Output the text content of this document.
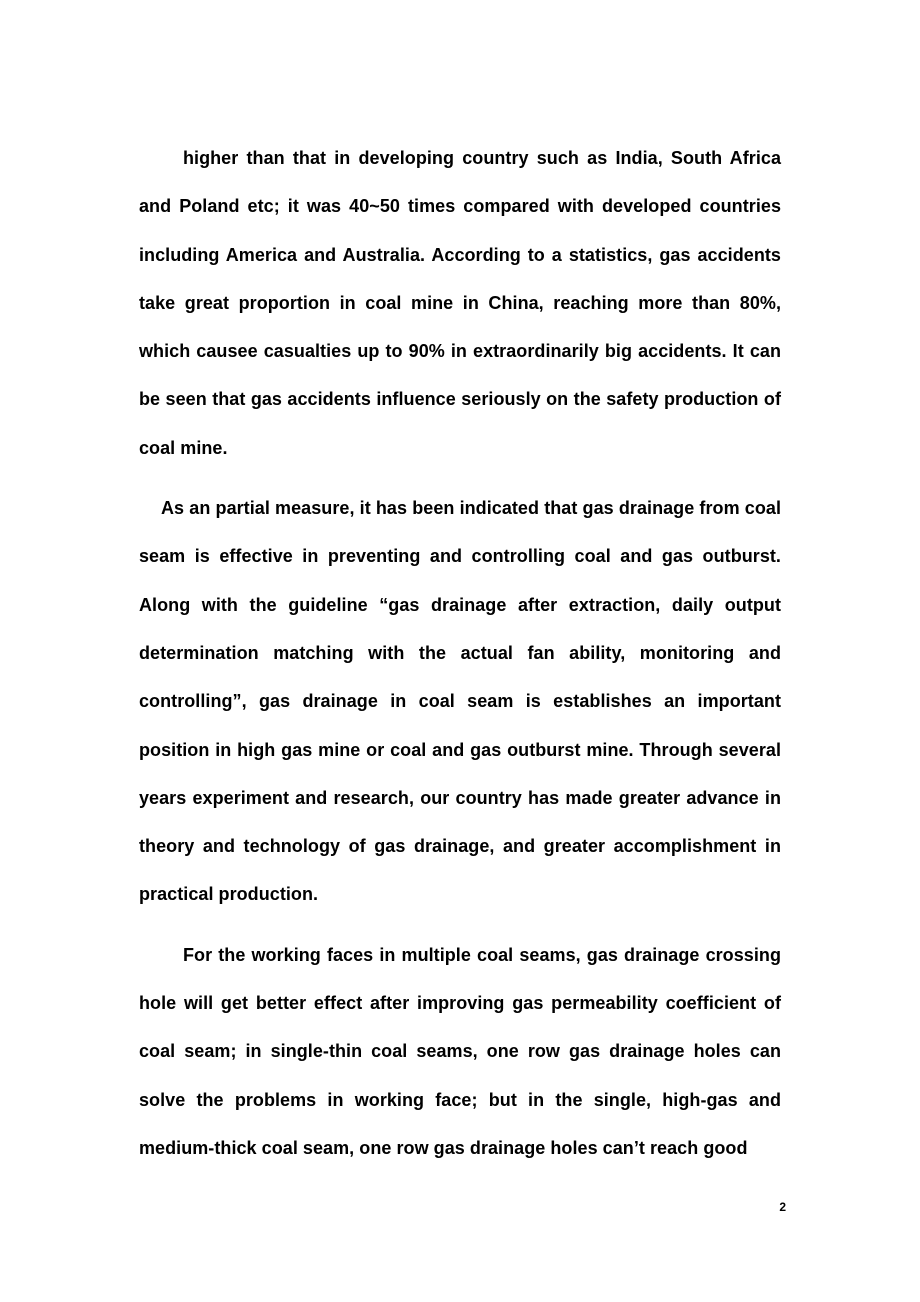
higher than that in developing country such as India, South Africa and Poland etc; it was 40~50 times compared with developed countries including America and Australia. According to a statistics, gas accidents take great proportion in coal mine in China, reaching more than 80%, which causee casualties up to 90% in extraordinarily big accidents. It can be seen that gas accidents influence seriously on the safety production of coal mine.

As an partial measure, it has been indicated that gas drainage from coal seam is effective in preventing and controlling coal and gas outburst. Along with the guideline “gas drainage after extraction, daily output determination matching with the actual fan ability, monitoring and controlling”, gas drainage in coal seam is establishes an important position in high gas mine or coal and gas outburst mine. Through several years experiment and research, our country has made greater advance in theory and technology of gas drainage, and greater accomplishment in practical production.

For the working faces in multiple coal seams, gas drainage crossing hole will get better effect after improving gas permeability coefficient of coal seam; in single-thin coal seams, one row gas drainage holes can solve the problems in working face; but in the single, high-gas and medium-thick coal seam, one row gas drainage holes can’t reach good

2
